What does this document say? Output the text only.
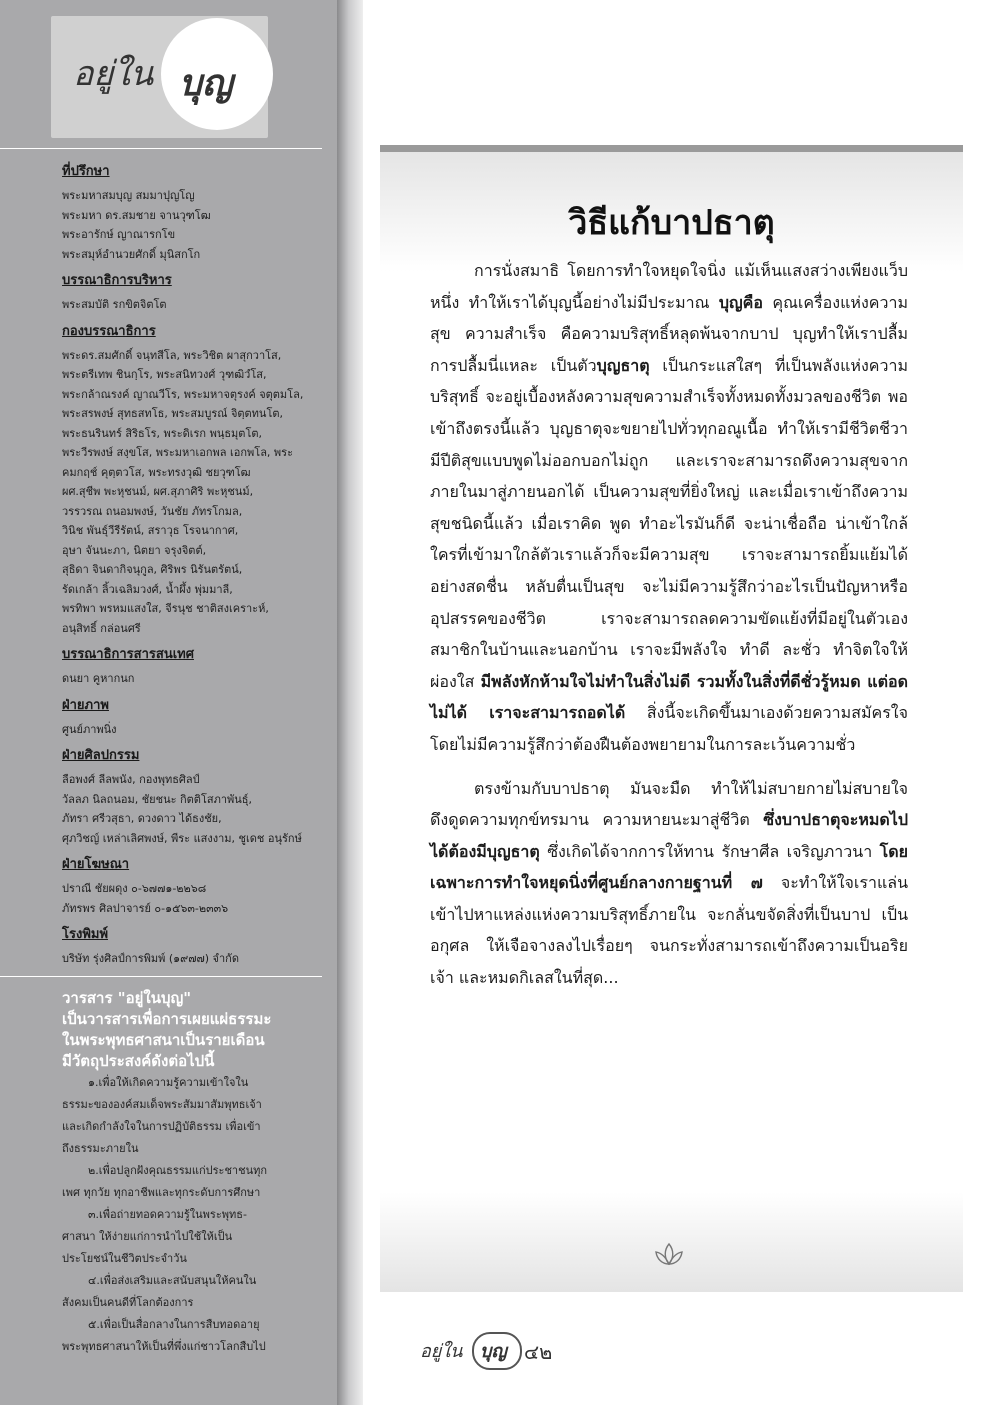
อยู่ใน บุญ
ที่ปรึกษา
พระมหาสมบุญ สมมาปุญโญ
พระมหา ดร.สมชาย จานวุฑโฒ
พระอารักษ์ ญาณารกโข
พระสมุห์อำนวยศักดิ์ มุนิสกโก
บรรณาธิการบริหาร
พระสมบัติ รกขิตจิตโต
กองบรรณาธิการ
พระดร.สมศักดิ์ จนฺทสีโล, พระวิชิต ผาสุกวาโส,
พระตรีเทพ ชินกฺโร, พระสนิทวงศ์ วุฑฒิวํโส,
พระกล้าณรงค์ ญาณวีโร, พระมหาจตุรงค์ จตุตมโล,
พระสรพงษ์ สุทธสทโธ, พระสมบูรณ์ จิตฺตทนโต,
พระธนรินทร์ สิริธโร, พระดิเรก พนฺธมุตโต,
พระวีรพงษ์ สงฺขโส, พระมหาเอกพล เอกพโล, พระ
คมกฤช์ คุตฺตวโส, พระทรงวุฒิ ชยวุฑโฒ
ผศ.สุชีพ พะหุชนม์, ผศ.สุภาศิริ พะหุชนม์,
วรรวรณ ถนอมพงษ์, วันชัย ภัทรโกมล,
วินิช พันธุ์วีรีรัตน์, สราวุธ โรจนากาศ,
อุษา จันนะภา, นิตยา จรุงจิตต์,
สุธิดา จินดากิจนุกูล, ศิริพร นิรันตรัตน์,
รัดเกล้า ลิ้วเฉลิมวงศ์, น้ำผึ้ง พุ่มมาลี,
พรทิพา พรหมแสงใส, จีรนุช ชาติสงเคราะห์,
อนุสิทธิ์ กล่อนศรี
บรรณาธิการสารสนเทศ
ดนยา คูหากนก
ฝ่ายภาพ
ศูนย์ภาพนิ่ง
ฝ่ายศิลปกรรม
ลือพงศ์ ลีลพนัง, กองพุทธศิลป์
วัลลภ นิลถนอม, ชัยชนะ กิตติโสภาพันธุ์,
ภัทรา ศรีวสุธา, ดวงดาว ได้ธงชัย,
ศุภวิชญ์ เหล่าเลิศพงษ์, พีระ แสงงาม, ชูเดช อนุรักษ์
ฝ่ายโฆษณา
ปราณี ชัยผดุง ๐-๖๗๗๑-๒๒๖๘
ภัทรพร ศิลปาจารย์ ๐-๑๕๖๓-๒๓๓๖
โรงพิมพ์
บริษัท รุ่งศิลป์การพิมพ์ (๑๙๗๗) จำกัด
วารสาร "อยู่ในบุญ"
เป็นวารสารเพื่อการเผยแผ่ธรรมะ
ในพระพุทธศาสนาเป็นรายเดือน
มีวัตถุประสงค์ดังต่อไปนี้
๑.เพื่อให้เกิดความรู้ความเข้าใจใน
ธรรมะขององค์สมเด็จพระสัมมาสัมพุทธเจ้า
และเกิดกำลังใจในการปฏิบัติธรรม เพื่อเข้า
ถึงธรรมะภายใน
๒.เพื่อปลูกฝังคุณธรรมแก่ประชาชนทุก
เพศ ทุกวัย ทุกอาชีพและทุกระดับการศึกษา
๓.เพื่อถ่ายทอดความรู้ในพระพุทธ-
ศาสนา ให้ง่ายแก่การนำไปใช้ให้เป็น
ประโยชน์ในชีวิตประจำวัน
๔.เพื่อส่งเสริมและสนับสนุนให้คนใน
สังคมเป็นคนดีที่โลกต้องการ
๕.เพื่อเป็นสื่อกลางในการสืบทอดอายุ
พระพุทธศาสนาให้เป็นที่พึ่งแก่ชาวโลกสืบไป
วิธีแก้บาปธาตุ

การนั่งสมาธิ โดยการทำใจหยุดใจนิ่ง แม้เห็นแสงสว่างเพียงแว็บหนึ่ง ทำให้เราได้บุญนี้อย่างไม่มีประมาณ บุญคือ คุณเครื่องแห่งความสุข ความสำเร็จ คือความบริสุทธิ์หลุดพ้นจากบาป บุญทำให้เราปลื้ม การปลื้มนี่แหละ เป็นตัวบุญธาตุ เป็นกระแสใสๆ ที่เป็นพลังแห่งความบริสุทธิ์ จะอยู่เบื้องหลังความสุขความสำเร็จทั้งหมดทั้งมวลของชีวิต พอเข้าถึงตรงนี้แล้ว บุญธาตุจะขยายไปทั่วทุกอณูเนื้อ ทำให้เรามีชีวิตชีวา มีปีติสุขแบบพูดไม่ออกบอกไม่ถูก และเราจะสามารถดึงความสุขจากภายในมาสู่ภายนอกได้ เป็นความสุขที่ยิ่งใหญ่ และเมื่อเราเข้าถึงความสุขชนิดนี้แล้ว เมื่อเราคิด พูด ทำอะไรมันก็ดี จะน่าเชื่อถือ น่าเข้าใกล้ ใครที่เข้ามาใกล้ตัวเราแล้วก็จะมีความสุข เราจะสามารถยิ้มแย้มได้อย่างสดชื่น หลับตื่นเป็นสุข จะไม่มีความรู้สึกว่าอะไรเป็นปัญหาหรืออุปสรรคของชีวิต เราจะสามารถลดความขัดแย้งที่มีอยู่ในตัวเอง สมาชิกในบ้านและนอกบ้าน เราจะมีพลังใจ ทำดี ละชั่ว ทำจิตใจให้ผ่องใส มีพลังหักห้ามใจไม่ทำในสิ่งไม่ดี รวมทั้งในสิ่งที่ดีชั่วรู้หมด แต่อดไม่ได้ เราจะสามารถอดได้ สิ่งนี้จะเกิดขึ้นมาเองด้วยความสมัครใจ โดยไม่มีความรู้สึกว่าต้องฝืนต้องพยายามในการละเว้นความชั่ว

ตรงข้ามกับบาปธาตุ มันจะมืด ทำให้ไม่สบายกายไม่สบายใจ ดึงดูดความทุกข์ทรมาน ความหายนะมาสู่ชีวิต ซึ่งบาปธาตุจะหมดไปได้ต้องมีบุญธาตุ ซึ่งเกิดได้จากการให้ทาน รักษาศีล เจริญภาวนา โดยเฉพาะการทำใจหยุดนิ่งที่ศูนย์กลางกายฐานที่ ๗ จะทำให้ใจเราแล่นเข้าไปหาแหล่งแห่งความบริสุทธิ์ภายใน จะกลั่นขจัดสิ่งที่เป็นบาป เป็นอกุศล ให้เจือจางลงไปเรื่อยๆ จนกระทั่งสามารถเข้าถึงความเป็นอริยเจ้า และหมดกิเลสในที่สุด...

อยู่ใน บุญ ๔๒
